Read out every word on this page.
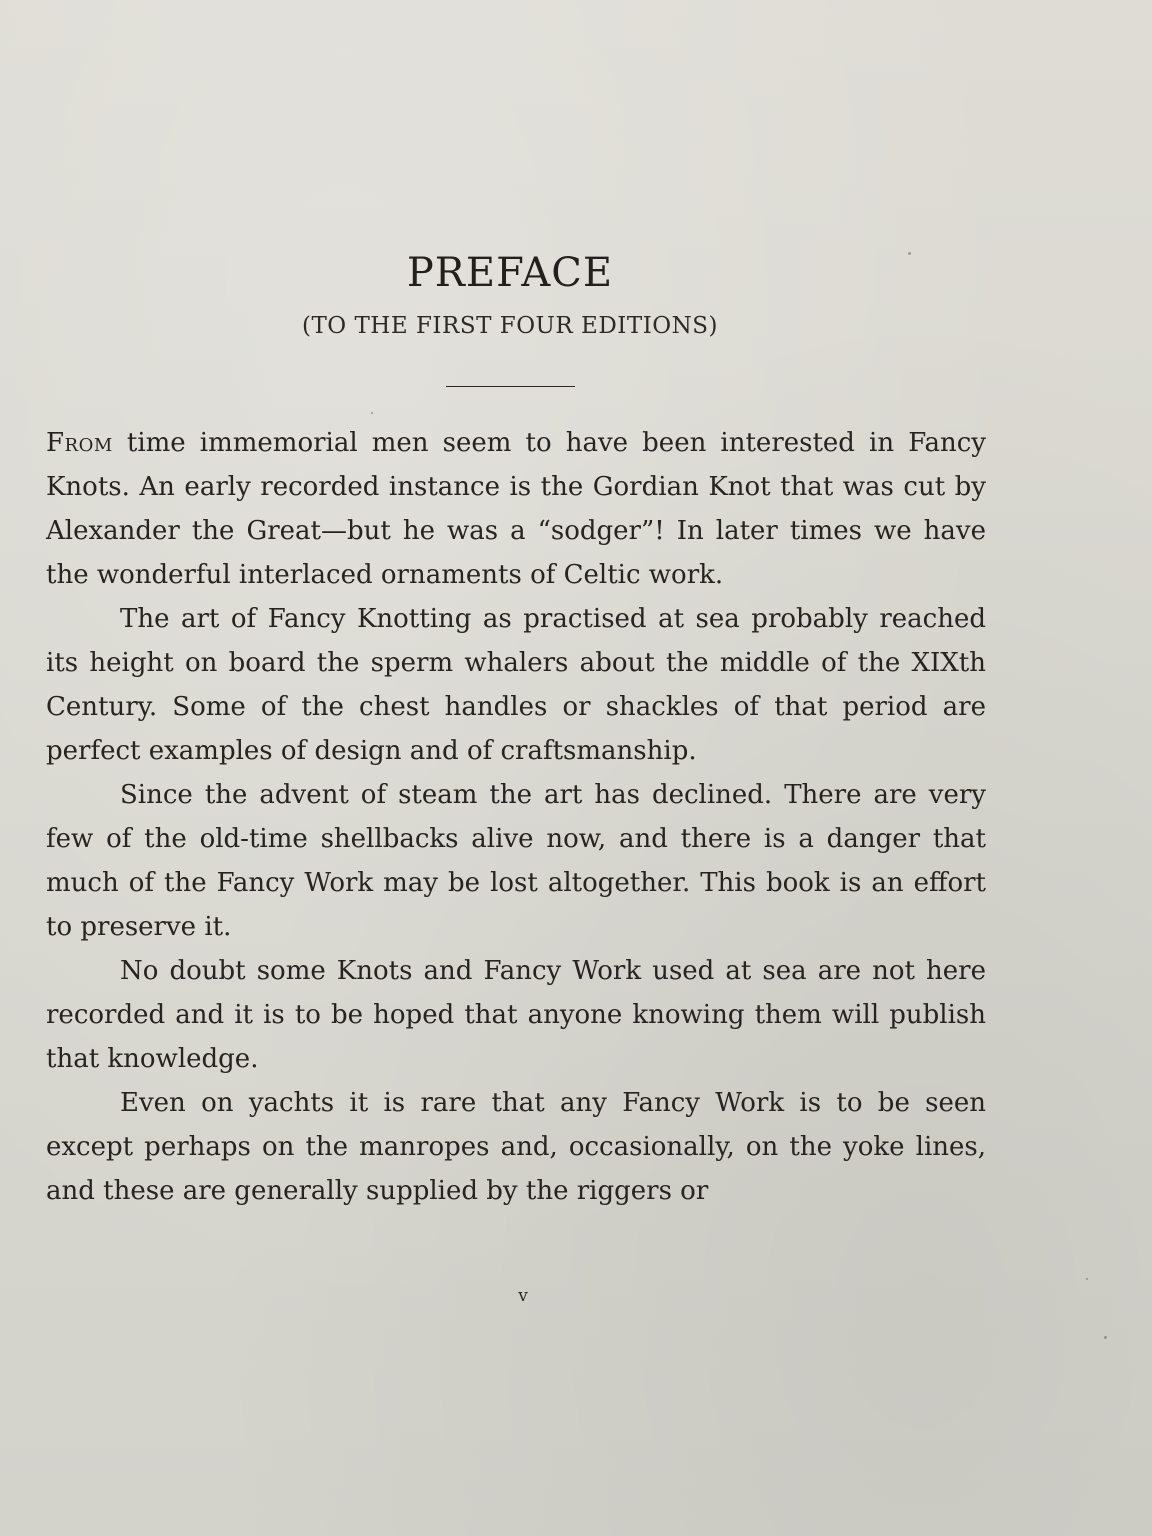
PREFACE
(TO THE FIRST FOUR EDITIONS)

From time immemorial men seem to have been interested in Fancy Knots. An early recorded instance is the Gordian Knot that was cut by Alexander the Great—but he was a “sodger”! In later times we have the wonderful interlaced ornaments of Celtic work.

The art of Fancy Knotting as practised at sea probably reached its height on board the sperm whalers about the middle of the XIXth Century. Some of the chest handles or shackles of that period are perfect examples of design and of craftsmanship.

Since the advent of steam the art has declined. There are very few of the old-time shellbacks alive now, and there is a danger that much of the Fancy Work may be lost altogether. This book is an effort to preserve it.

No doubt some Knots and Fancy Work used at sea are not here recorded and it is to be hoped that anyone knowing them will publish that knowledge.

Even on yachts it is rare that any Fancy Work is to be seen except perhaps on the manropes and, occasionally, on the yoke lines, and these are generally supplied by the riggers or

v
